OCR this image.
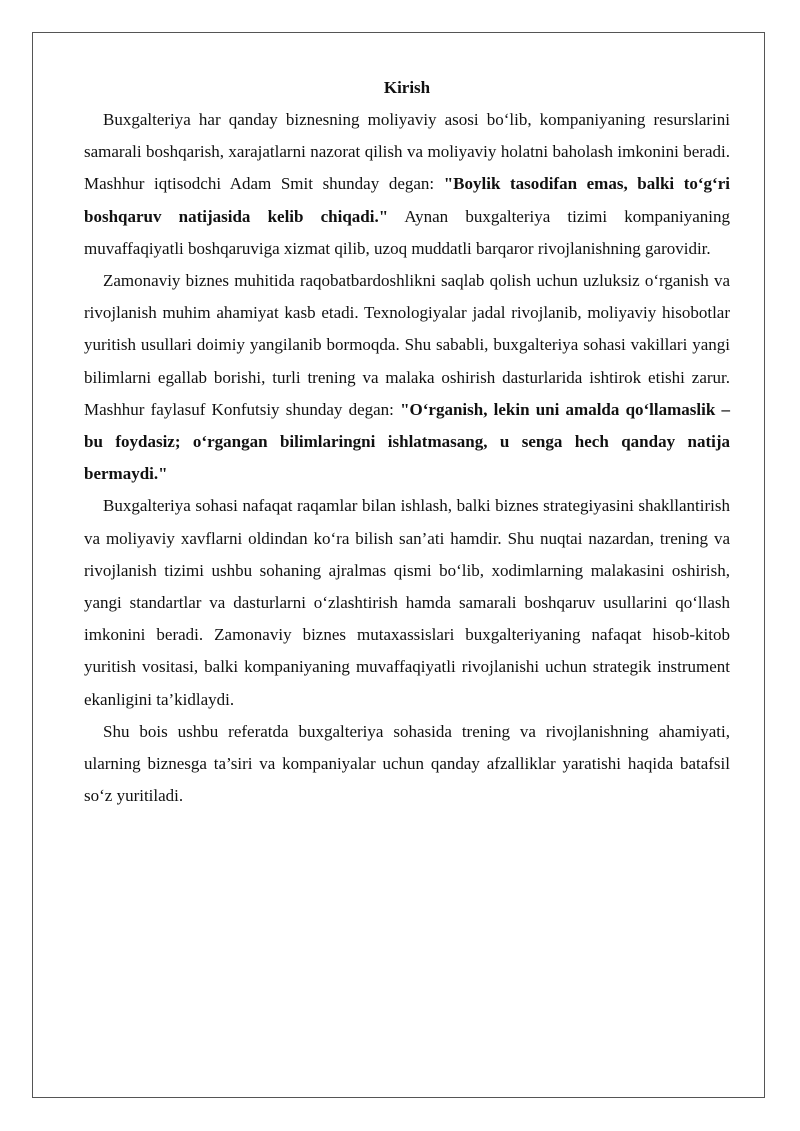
Kirish

Buxgalteriya har qanday biznesning moliyaviy asosi bo‘lib, kompaniyaning resurslarini samarali boshqarish, xarajatlarni nazorat qilish va moliyaviy holatni baholash imkonini beradi. Mashhur iqtisodchi Adam Smit shunday degan: "Boylik tasodifan emas, balki to‘g‘ri boshqaruv natijasida kelib chiqadi." Aynan buxgalteriya tizimi kompaniyaning muvaffaqiyatli boshqaruviga xizmat qilib, uzoq muddatli barqaror rivojlanishning garovidir.

Zamonaviy biznes muhitida raqobatbardoshlikni saqlab qolish uchun uzluksiz o‘rganish va rivojlanish muhim ahamiyat kasb etadi. Texnologiyalar jadal rivojlanib, moliyaviy hisobotlar yuritish usullari doimiy yangilanib bormoqda. Shu sababli, buxgalteriya sohasi vakillari yangi bilimlarni egallab borishi, turli trening va malaka oshirish dasturlarida ishtirok etishi zarur. Mashhur faylasuf Konfutsiy shunday degan: "O‘rganish, lekin uni amalda qo‘llamaslik – bu foydasiz; o‘rgangan bilimlaringni ishlatmasang, u senga hech qanday natija bermaydi."

Buxgalteriya sohasi nafaqat raqamlar bilan ishlash, balki biznes strategiyasini shakllantirish va moliyaviy xavflarni oldindan ko‘ra bilish san’ati hamdir. Shu nuqtai nazardan, trening va rivojlanish tizimi ushbu sohaning ajralmas qismi bo‘lib, xodimlarning malakasini oshirish, yangi standartlar va dasturlarni o‘zlashtirish hamda samarali boshqaruv usullarini qo‘llash imkonini beradi. Zamonaviy biznes mutaxassislari buxgalteriyaning nafaqat hisob-kitob yuritish vositasi, balki kompaniyaning muvaffaqiyatli rivojlanishi uchun strategik instrument ekanligini ta’kidlaydi.

Shu bois ushbu referatda buxgalteriya sohasida trening va rivojlanishning ahamiyati, ularning biznesga ta’siri va kompaniyalar uchun qanday afzalliklar yaratishi haqida batafsil so‘z yuritiladi.
